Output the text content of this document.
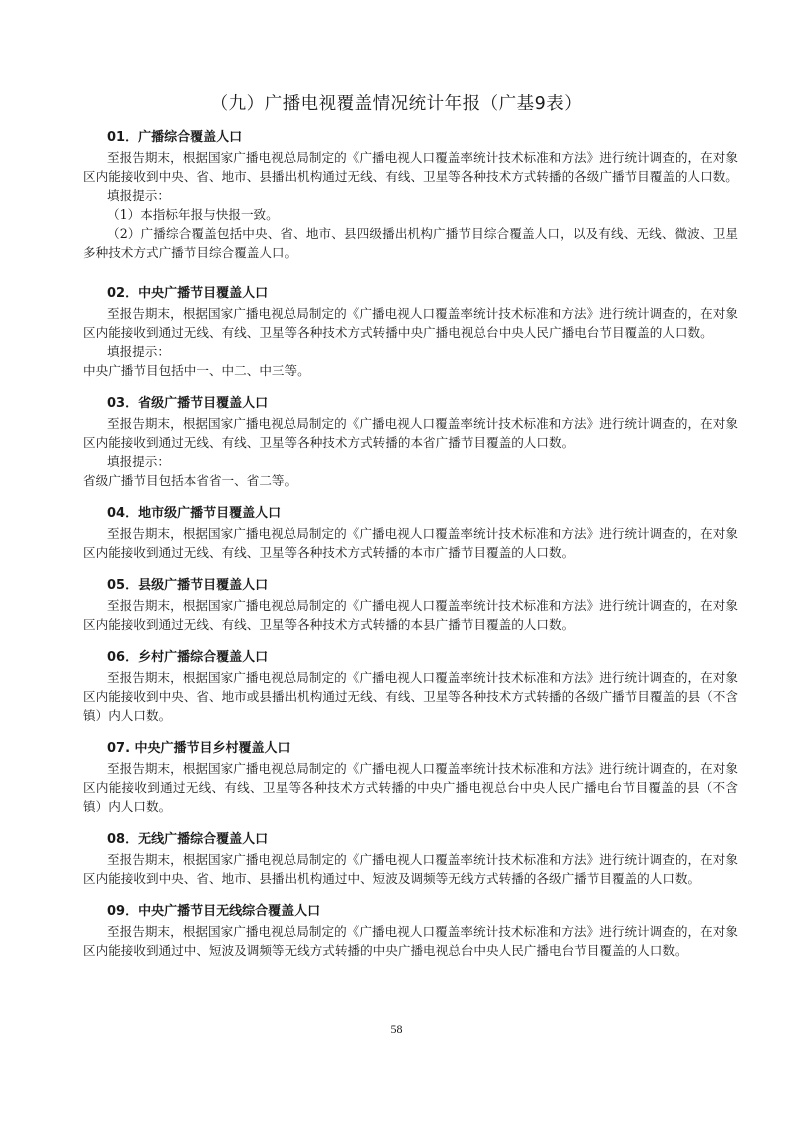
（九）广播电视覆盖情况统计年报（广基9表）
01．广播综合覆盖人口

至报告期末，根据国家广播电视总局制定的《广播电视人口覆盖率统计技术标准和方法》进行统计调查的，在对象区内能接收到中央、省、地市、县播出机构通过无线、有线、卫星等各种技术方式转播的各级广播节目覆盖的人口数。

填报提示：

（1）本指标年报与快报一致。

（2）广播综合覆盖包括中央、省、地市、县四级播出机构广播节目综合覆盖人口，以及有线、无线、微波、卫星多种技术方式广播节目综合覆盖人口。

02．中央广播节目覆盖人口

至报告期末，根据国家广播电视总局制定的《广播电视人口覆盖率统计技术标准和方法》进行统计调查的，在对象区内能接收到通过无线、有线、卫星等各种技术方式转播中央广播电视总台中央人民广播电台节目覆盖的人口数。

填报提示：

中央广播节目包括中一、中二、中三等。

03．省级广播节目覆盖人口

至报告期末，根据国家广播电视总局制定的《广播电视人口覆盖率统计技术标准和方法》进行统计调查的，在对象区内能接收到通过无线、有线、卫星等各种技术方式转播的本省广播节目覆盖的人口数。

填报提示：

省级广播节目包括本省省一、省二等。

04．地市级广播节目覆盖人口

至报告期末，根据国家广播电视总局制定的《广播电视人口覆盖率统计技术标准和方法》进行统计调查的，在对象区内能接收到通过无线、有线、卫星等各种技术方式转播的本市广播节目覆盖的人口数。

05．县级广播节目覆盖人口

至报告期末，根据国家广播电视总局制定的《广播电视人口覆盖率统计技术标准和方法》进行统计调查的，在对象区内能接收到通过无线、有线、卫星等各种技术方式转播的本县广播节目覆盖的人口数。

06．乡村广播综合覆盖人口

至报告期末，根据国家广播电视总局制定的《广播电视人口覆盖率统计技术标准和方法》进行统计调查的，在对象区内能接收到中央、省、地市或县播出机构通过无线、有线、卫星等各种技术方式转播的各级广播节目覆盖的县（不含镇）内人口数。

07. 中央广播节目乡村覆盖人口

至报告期末，根据国家广播电视总局制定的《广播电视人口覆盖率统计技术标准和方法》进行统计调查的，在对象区内能接收到通过无线、有线、卫星等各种技术方式转播的中央广播电视总台中央人民广播电台节目覆盖的县（不含镇）内人口数。

08．无线广播综合覆盖人口

至报告期末，根据国家广播电视总局制定的《广播电视人口覆盖率统计技术标准和方法》进行统计调查的，在对象区内能接收到中央、省、地市、县播出机构通过中、短波及调频等无线方式转播的各级广播节目覆盖的人口数。

09．中央广播节目无线综合覆盖人口

至报告期末，根据国家广播电视总局制定的《广播电视人口覆盖率统计技术标准和方法》进行统计调查的，在对象区内能接收到通过中、短波及调频等无线方式转播的中央广播电视总台中央人民广播电台节目覆盖的人口数。

58
